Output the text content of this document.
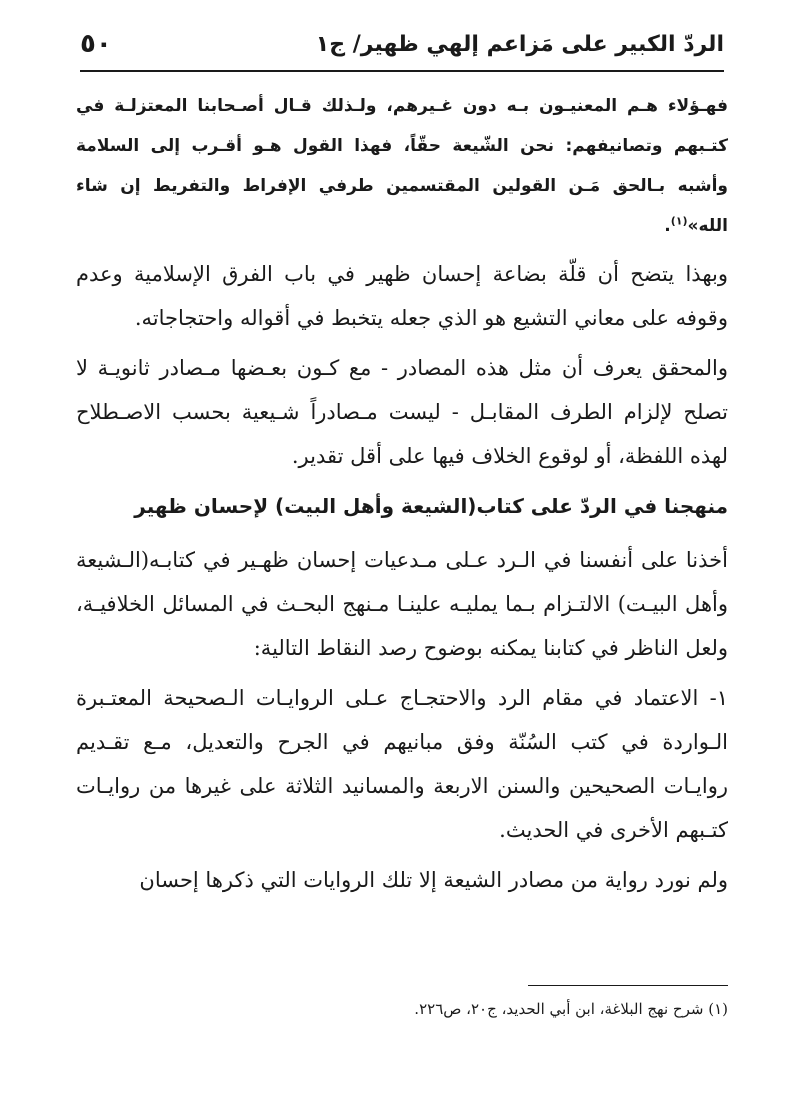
٥٠	الردّ الكبير على مَزاعم إلهي ظهير/ ج١

فهـؤلاء هـم المعنيـون بـه دون غـيرهم، ولـذلك قـال أصـحابنا المعتزلـة في كتـبهم وتصانيفهم: نحن الشّيعة حقّاً، فهذا القول هـو أقـرب إلى السلامة وأشبه بـالحق مَـن القولين المقتسمين طرفي الإفراط والتفريط إن شاء الله»$^{(١)}$.

وبهذا يتضح أن قلّة بضاعة إحسان ظهير في باب الفرق الإسلامية وعدم وقوفه على معاني التشيع هو الذي جعله يتخبط في أقواله واحتجاجاته.

والمحقق يعرف أن مثل هذه المصادر - مع كـون بعـضها مـصادر ثانويـة لا تصلح لإلزام الطرف المقابـل - ليست مـصادراً شـيعية بحسب الاصـطلاح لهذه اللفظة، أو لوقوع الخلاف فيها على أقل تقدير.

منهجنا في الردّ على كتاب(الشيعة وأهل البيت) لإحسان ظهير

أخذنا على أنفسنا في الـرد عـلى مـدعيات إحسان ظهـير في كتابـه(الـشيعة وأهل البيـت) الالتـزام بـما يمليـه علينـا مـنهج البحـث في المسائل الخلافيـة، ولعل الناظر في كتابنا يمكنه بوضوح رصد النقاط التالية:

١- الاعتماد في مقام الرد والاحتجـاج عـلى الروايـات الـصحيحة المعتـبرة الـواردة في كتب السُنّة وفق مبانيهم في الجرح والتعديل، مـع تقـديم روايـات الصحيحين والسنن الاربعة والمسانيد الثلاثة على غيرها من روايـات كتـبهم الأخرى في الحديث.

ولم نورد رواية من مصادر الشيعة إلا تلك الروايات التي ذكرها إحسان

(١) شرح نهج البلاغة، ابن أبي الحديد، ج٢٠، ص٢٢٦.
